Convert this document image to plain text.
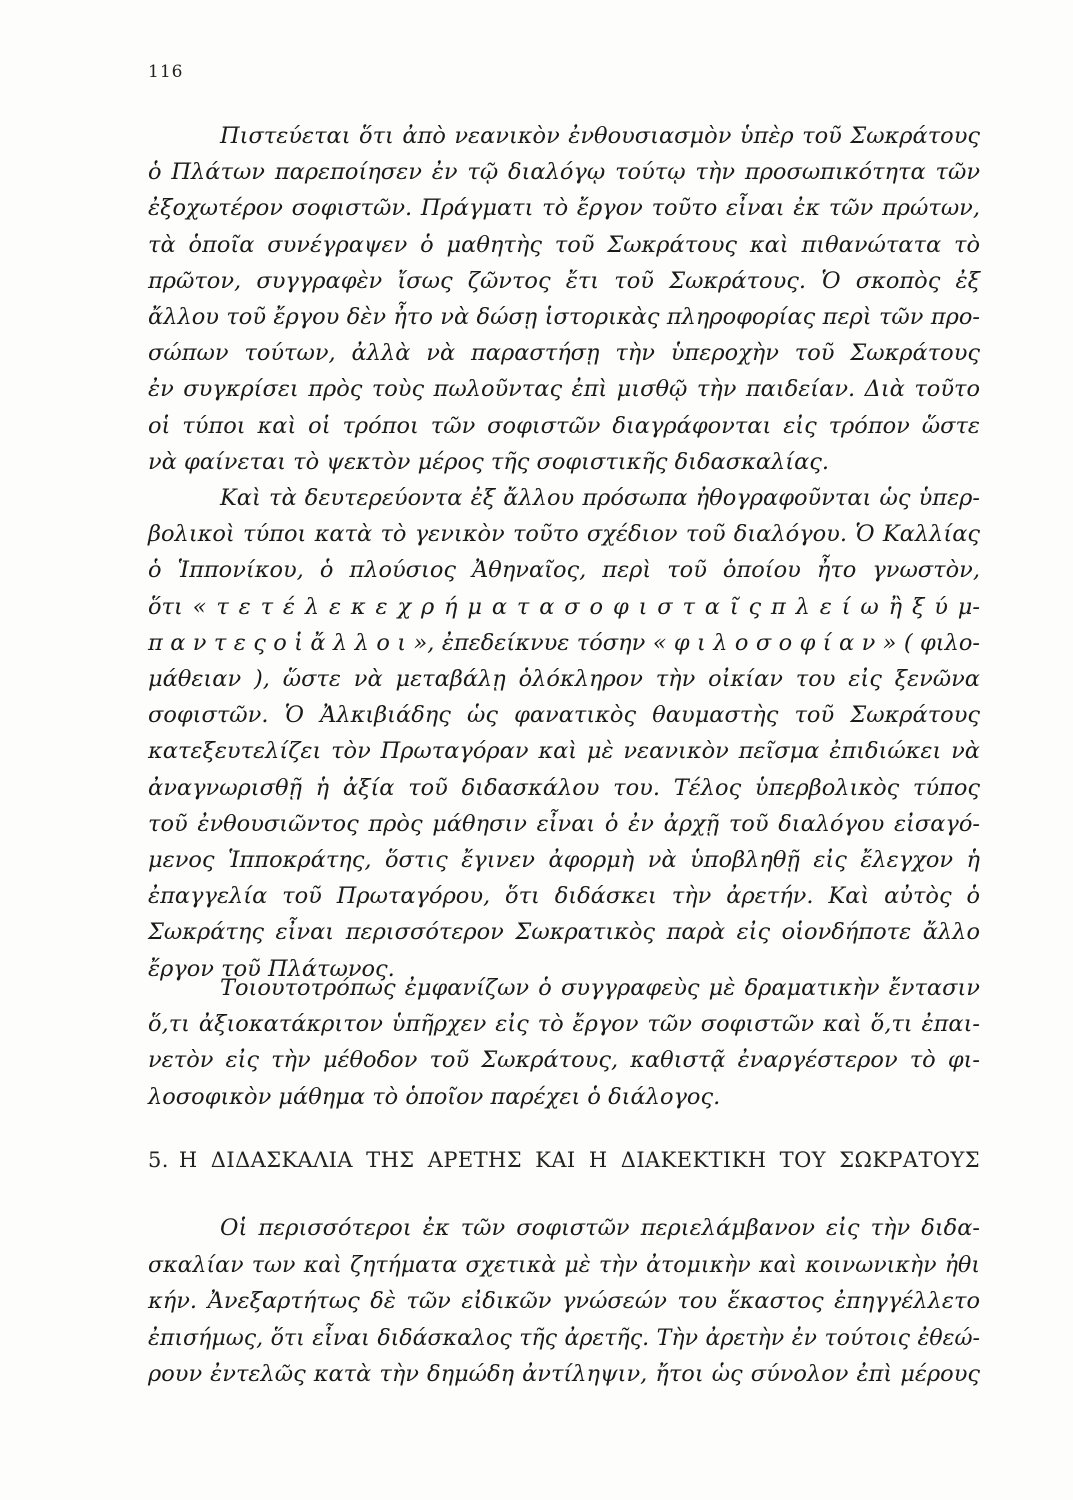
116
Πιστεύεται ὅτι ἀπὸ νεανικὸν ἐνθουσιασμὸν ὑπὲρ τοῦ Σωκράτους
ὁ Πλάτων παρεποίησεν ἐν τῷ διαλόγῳ τούτῳ τὴν προσωπικότητα τῶν
ἐξοχωτέρον σοφιστῶν. Πράγματι τὸ ἔργον τοῦτο εἶναι ἐκ τῶν πρώτων,
τὰ ὁποῖα συνέγραψεν ὁ μαθητὴς τοῦ Σωκράτους καὶ πιθανώτατα τὸ
πρῶτον, συγγραφὲν ἴσως ζῶντος ἔτι τοῦ Σωκράτους. Ὁ σκοπὸς ἐξ
ἄλλου τοῦ ἔργου δὲν ἦτο νὰ δώσῃ ἱστορικὰς πληροφορίας περὶ τῶν προ-
σώπων τούτων, ἀλλὰ νὰ παραστήσῃ τὴν ὑπεροχὴν τοῦ Σωκράτους
ἐν συγκρίσει πρὸς τοὺς πωλοῦντας ἐπὶ μισθῷ τὴν παιδείαν. Διὰ τοῦτο
οἱ τύποι καὶ οἱ τρόποι τῶν σοφιστῶν διαγράφονται εἰς τρόπον ὥστε
νὰ φαίνεται τὸ ψεκτὸν μέρος τῆς σοφιστικῆς διδασκαλίας.
Καὶ τὰ δευτερεύοντα ἐξ ἄλλου πρόσωπα ἠθογραφοῦνται ὡς ὑπερ-
βολικοὶ τύποι κατὰ τὸ γενικὸν τοῦτο σχέδιον τοῦ διαλόγου. Ὁ Καλλίας
ὁ Ἱππονίκου, ὁ πλούσιος Ἀθηναῖος, περὶ τοῦ ὁποίου ἦτο γνωστὸν,
ὅτι « τ ε τ έ λ ε κ ε χ ρ ή μ α τ α σ ο φ ι σ τ α ῖ ς π λ ε ί ω ἢ ξ ύ μ-
π α ν τ ε ς ο ἱ ἄ λ λ ο ι », ἐπεδείκνυε τόσην « φ ι λ ο σ ο φ ί α ν » ( φιλο-
μάθειαν ), ὥστε νὰ μεταβάλῃ ὁλόκληρον τὴν οἰκίαν του εἰς ξενῶνα
σοφιστῶν. Ὁ Ἀλκιβιάδης ὡς φανατικὸς θαυμαστὴς τοῦ Σωκράτους
κατεξευτελίζει τὸν Πρωταγόραν καὶ μὲ νεανικὸν πεῖσμα ἐπιδιώκει νὰ
ἀναγνωρισθῇ ἡ ἀξία τοῦ διδασκάλου του. Τέλος ὑπερβολικὸς τύπος
τοῦ ἐνθουσιῶντος πρὸς μάθησιν εἶναι ὁ ἐν ἀρχῇ τοῦ διαλόγου εἰσαγό-
μενος Ἱπποκράτης, ὅστις ἔγινεν ἀφορμὴ νὰ ὑποβληθῇ εἰς ἔλεγχον ἡ
ἐπαγγελία τοῦ Πρωταγόρου, ὅτι διδάσκει τὴν ἀρετήν. Καὶ αὐτὸς ὁ
Σωκράτης εἶναι περισσότερον Σωκρατικὸς παρὰ εἰς οἱονδήποτε ἄλλο
ἔργον τοῦ Πλάτωνος.
Τοιουτοτρόπως ἐμφανίζων ὁ συγγραφεὺς μὲ δραματικὴν ἔντασιν
ὅ,τι ἀξιοκατάκριτον ὑπῆρχεν εἰς τὸ ἔργον τῶν σοφιστῶν καὶ ὅ,τι ἐπαι-
νετὸν εἰς τὴν μέθοδον τοῦ Σωκράτους, καθιστᾷ ἐναργέστερον τὸ φι-
λοσοφικὸν μάθημα τὸ ὁποῖον παρέχει ὁ διάλογος.
5. Η ΔΙΔΑΣΚΑΛΙΑ ΤΗΣ ΑΡΕΤΗΣ ΚΑΙ Η ΔΙΑΚΕΚΤΙΚΗ ΤΟΥ ΣΩΚΡΑΤΟΥΣ
Οἱ περισσότεροι ἐκ τῶν σοφιστῶν περιελάμβανον εἰς τὴν διδα-
σκαλίαν των καὶ ζητήματα σχετικὰ μὲ τὴν ἀτομικὴν καὶ κοινωνικὴν ἠθι
κήν. Ἀνεξαρτήτως δὲ τῶν εἰδικῶν γνώσεών του ἕκαστος ἐπηγγέλλετο
ἐπισήμως, ὅτι εἶναι διδάσκαλος τῆς ἀρετῆς. Τὴν ἀρετὴν ἐν τούτοις ἐθεώ-
ρουν ἐντελῶς κατὰ τὴν δημώδη ἀντίληψιν, ἤτοι ὡς σύνολον ἐπὶ μέρους
